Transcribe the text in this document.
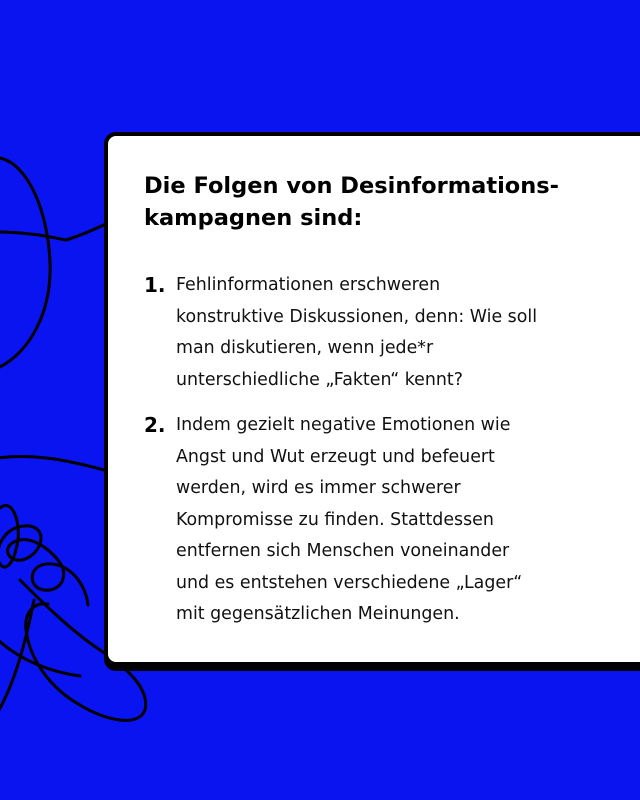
Die Folgen von Desinformations-kampagnen sind:
1. Fehlinformationen erschweren konstruktive Diskussionen, denn: Wie soll man diskutieren, wenn jede*r unterschiedliche „Fakten“ kennt?
2. Indem gezielt negative Emotionen wie Angst und Wut erzeugt und befeuert werden, wird es immer schwerer Kompromisse zu finden. Stattdessen entfernen sich Menschen voneinander und es entstehen verschiedene „Lager“ mit gegensätzlichen Meinungen.
